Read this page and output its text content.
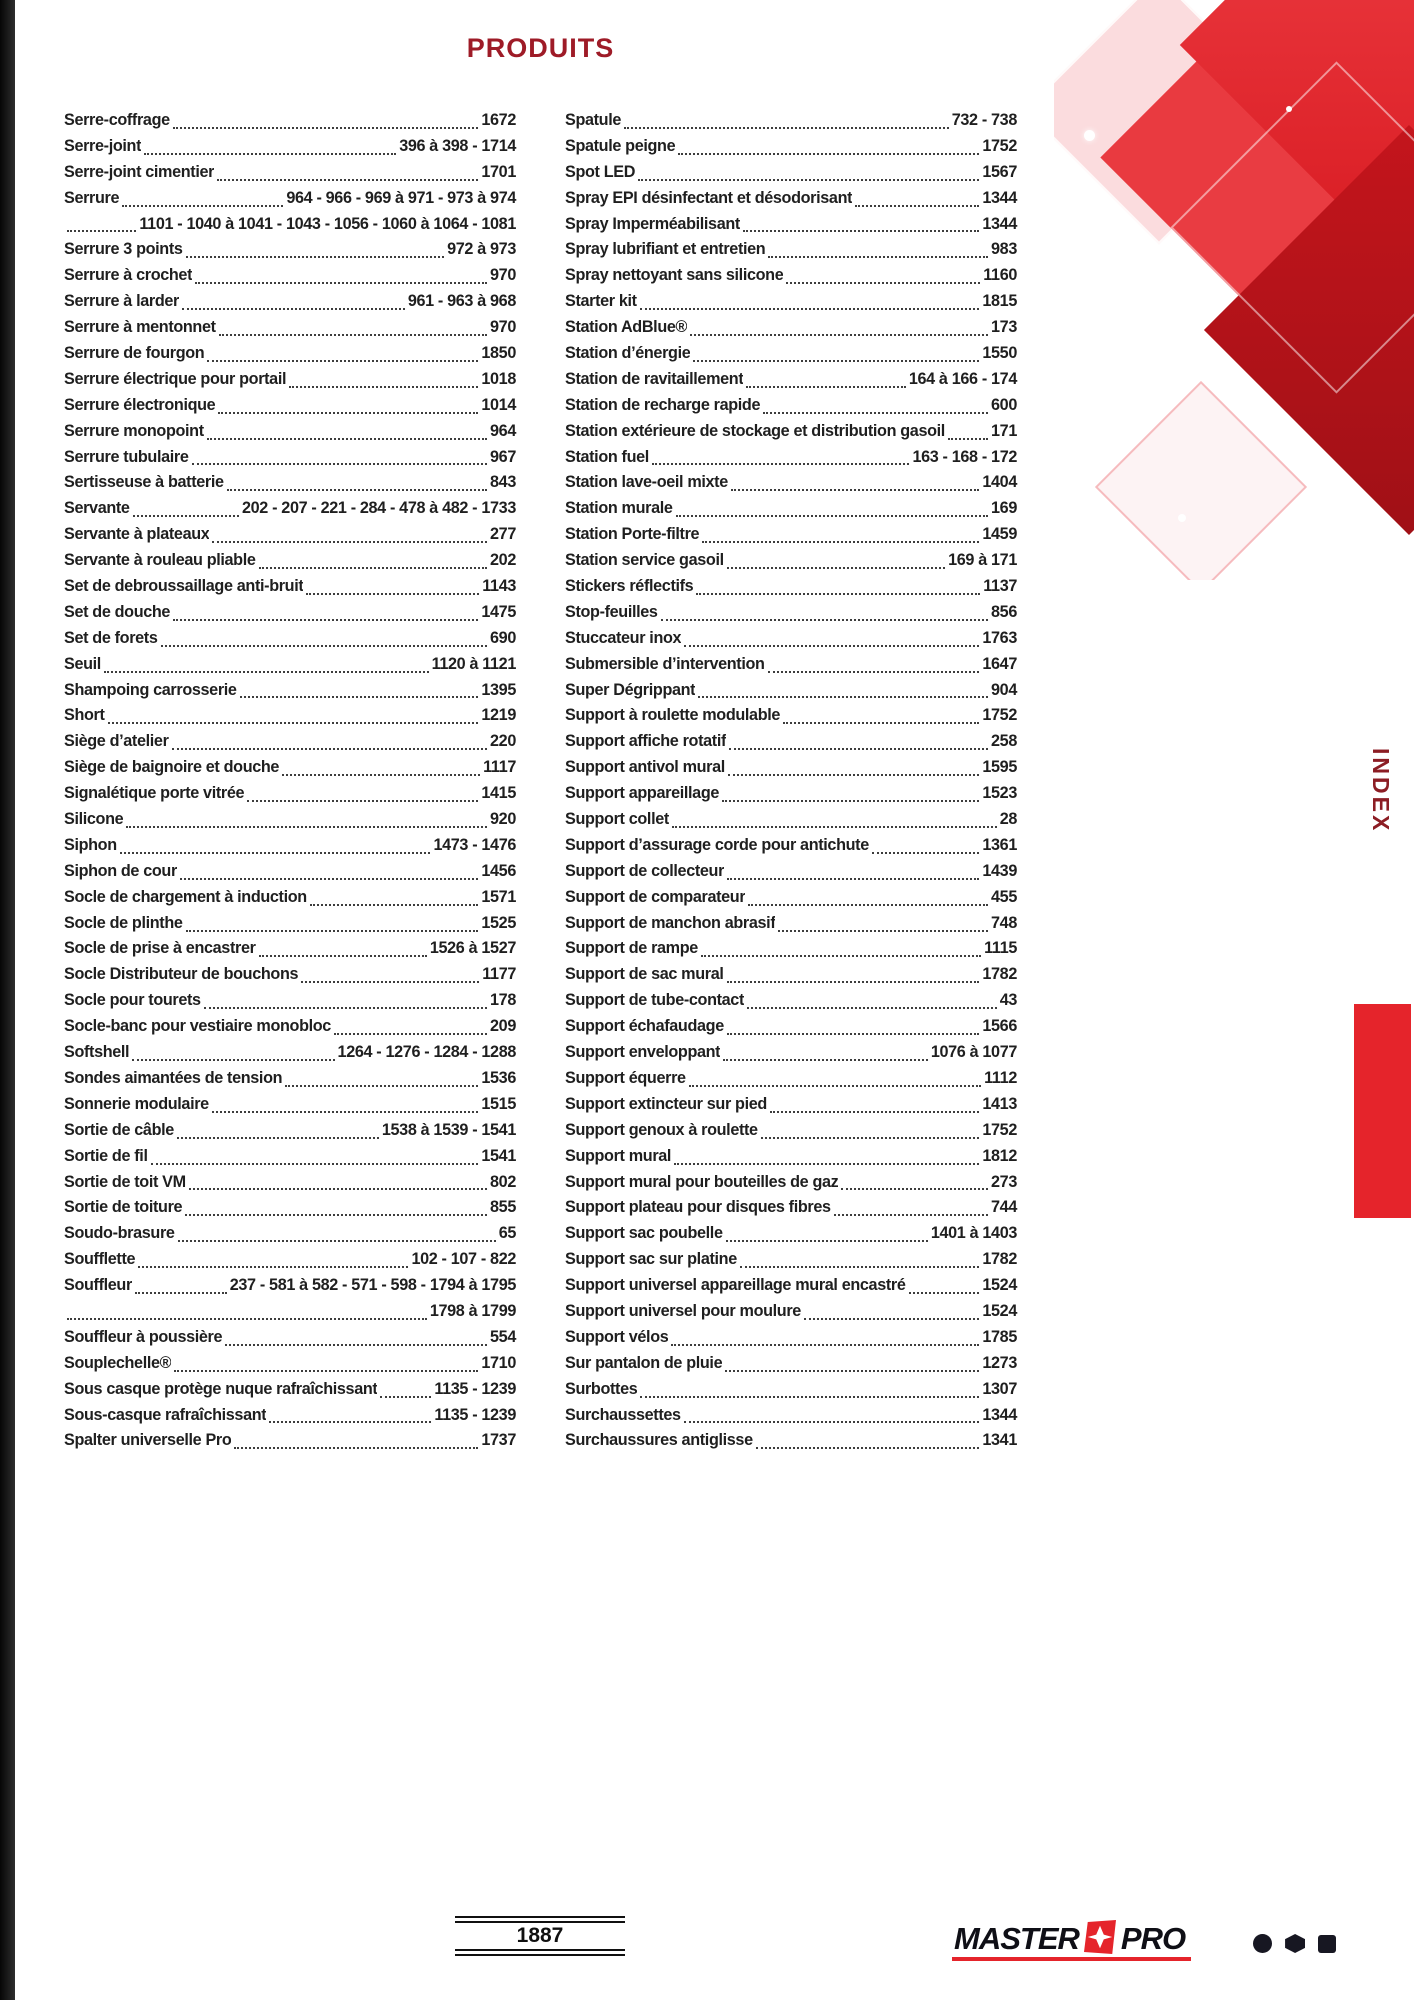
PRODUITS
Serre-coffrage	1672
Serre-joint	396 à 398 - 1714
Serre-joint cimentier	1701
Serrure	964 - 966 - 969 à 971 - 973 à 974
1101 - 1040 à 1041 - 1043 - 1056 - 1060 à 1064 - 1081
Serrure 3 points	972 à 973
Serrure à crochet	970
Serrure à larder	961 - 963 à 968
Serrure à mentonnet	970
Serrure de fourgon	1850
Serrure électrique pour portail	1018
Serrure électronique	1014
Serrure monopoint	964
Serrure tubulaire	967
Sertisseuse à batterie	843
Servante	202 - 207 - 221 - 284 - 478 à 482 - 1733
Servante à plateaux	277
Servante à rouleau pliable	202
Set de debroussaillage anti-bruit	1143
Set de douche	1475
Set de forets	690
Seuil	1120 à 1121
Shampoing carrosserie	1395
Short	1219
Siège d’atelier	220
Siège de baignoire et douche	1117
Signalétique porte vitrée	1415
Silicone	920
Siphon	1473 - 1476
Siphon de cour	1456
Socle de chargement à induction	1571
Socle de plinthe	1525
Socle de prise à encastrer	1526 à 1527
Socle Distributeur de bouchons	1177
Socle pour tourets	178
Socle-banc pour vestiaire monobloc	209
Softshell	1264 - 1276 - 1284 - 1288
Sondes aimantées de tension	1536
Sonnerie modulaire	1515
Sortie de câble	1538 à 1539 - 1541
Sortie de fil	1541
Sortie de toit VM	802
Sortie de toiture	855
Soudo-brasure	65
Soufflette	102 - 107 - 822
Souffleur	237 - 581 à 582 - 571 - 598 - 1794 à 1795
1798 à 1799
Souffleur à poussière	554
Souplechelle®	1710
Sous casque protège nuque rafraîchissant	1135 - 1239
Sous-casque rafraîchissant	1135 - 1239
Spalter universelle Pro	1737
Spatule	732 - 738
Spatule peigne	1752
Spot LED	1567
Spray EPI désinfectant et désodorisant	1344
Spray Imperméabilisant	1344
Spray lubrifiant et entretien	983
Spray nettoyant sans silicone	1160
Starter kit	1815
Station AdBlue®	173
Station d’énergie	1550
Station de ravitaillement	164 à 166 - 174
Station de recharge rapide	600
Station extérieure de stockage et distribution gasoil	171
Station fuel	163 - 168 - 172
Station lave-oeil mixte	1404
Station murale	169
Station Porte-filtre	1459
Station service gasoil	169 à 171
Stickers réflectifs	1137
Stop-feuilles	856
Stuccateur inox	1763
Submersible d’intervention	1647
Super Dégrippant	904
Support à roulette modulable	1752
Support affiche rotatif	258
Support antivol mural	1595
Support appareillage	1523
Support collet	28
Support d’assurage corde pour antichute	1361
Support de collecteur	1439
Support de comparateur	455
Support de manchon abrasif	748
Support de rampe	1115
Support de sac mural	1782
Support de tube-contact	43
Support échafaudage	1566
Support enveloppant	1076 à 1077
Support équerre	1112
Support extincteur sur pied	1413
Support genoux à roulette	1752
Support mural	1812
Support mural pour bouteilles de gaz	273
Support plateau pour disques fibres	744
Support sac poubelle	1401 à 1403
Support sac sur platine	1782
Support universel appareillage mural encastré	1524
Support universel pour moulure	1524
Support vélos	1785
Sur pantalon de pluie	1273
Surbottes	1307
Surchaussettes	1344
Surchaussures antiglisse	1341
INDEX
1887	MASTER PRO
